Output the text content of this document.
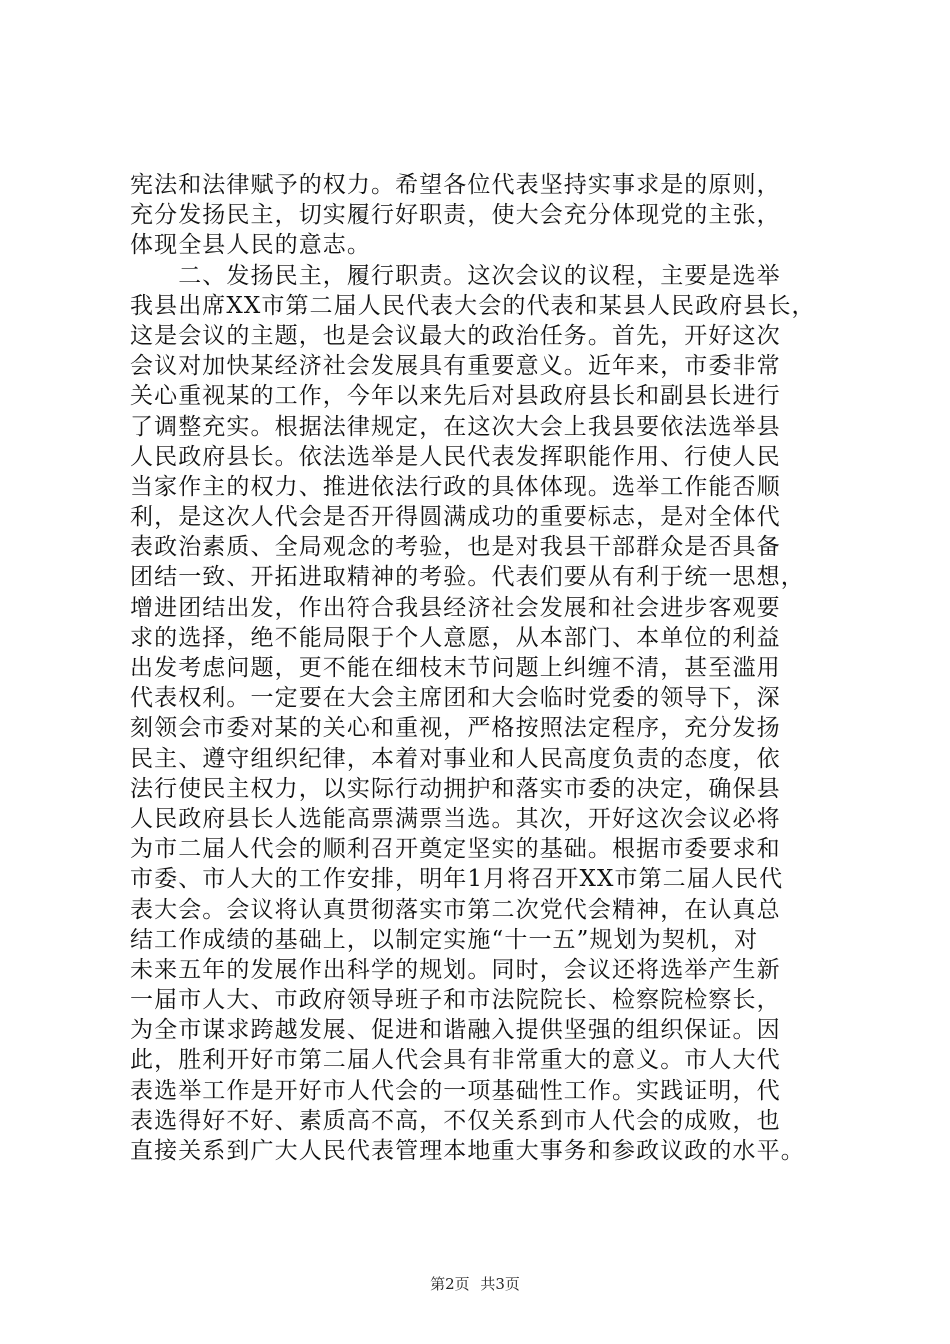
宪法和法律赋予的权力。希望各位代表坚持实事求是的原则，
充分发扬民主，切实履行好职责，使大会充分体现党的主张，
体现全县人民的意志。
　　二、发扬民主，履行职责。这次会议的议程，主要是选举
我县出席XX市第二届人民代表大会的代表和某县人民政府县长，
这是会议的主题，也是会议最大的政治任务。首先，开好这次
会议对加快某经济社会发展具有重要意义。近年来，市委非常
关心重视某的工作，今年以来先后对县政府县长和副县长进行
了调整充实。根据法律规定，在这次大会上我县要依法选举县
人民政府县长。依法选举是人民代表发挥职能作用、行使人民
当家作主的权力、推进依法行政的具体体现。选举工作能否顺
利，是这次人代会是否开得圆满成功的重要标志，是对全体代
表政治素质、全局观念的考验，也是对我县干部群众是否具备
团结一致、开拓进取精神的考验。代表们要从有利于统一思想，
增进团结出发，作出符合我县经济社会发展和社会进步客观要
求的选择，绝不能局限于个人意愿，从本部门、本单位的利益
出发考虑问题，更不能在细枝末节问题上纠缠不清，甚至滥用
代表权利。一定要在大会主席团和大会临时党委的领导下，深
刻领会市委对某的关心和重视，严格按照法定程序，充分发扬
民主、遵守组织纪律，本着对事业和人民高度负责的态度，依
法行使民主权力，以实际行动拥护和落实市委的决定，确保县
人民政府县长人选能高票满票当选。其次，开好这次会议必将
为市二届人代会的顺利召开奠定坚实的基础。根据市委要求和
市委、市人大的工作安排，明年1月将召开XX市第二届人民代
表大会。会议将认真贯彻落实市第二次党代会精神，在认真总
结工作成绩的基础上，以制定实施“十一五”规划为契机，对
未来五年的发展作出科学的规划。同时，会议还将选举产生新
一届市人大、市政府领导班子和市法院院长、检察院检察长，
为全市谋求跨越发展、促进和谐融入提供坚强的组织保证。因
此，胜利开好市第二届人代会具有非常重大的意义。市人大代
表选举工作是开好市人代会的一项基础性工作。实践证明，代
表选得好不好、素质高不高，不仅关系到市人代会的成败，也
直接关系到广大人民代表管理本地重大事务和参政议政的水平。
第2页 共3页
